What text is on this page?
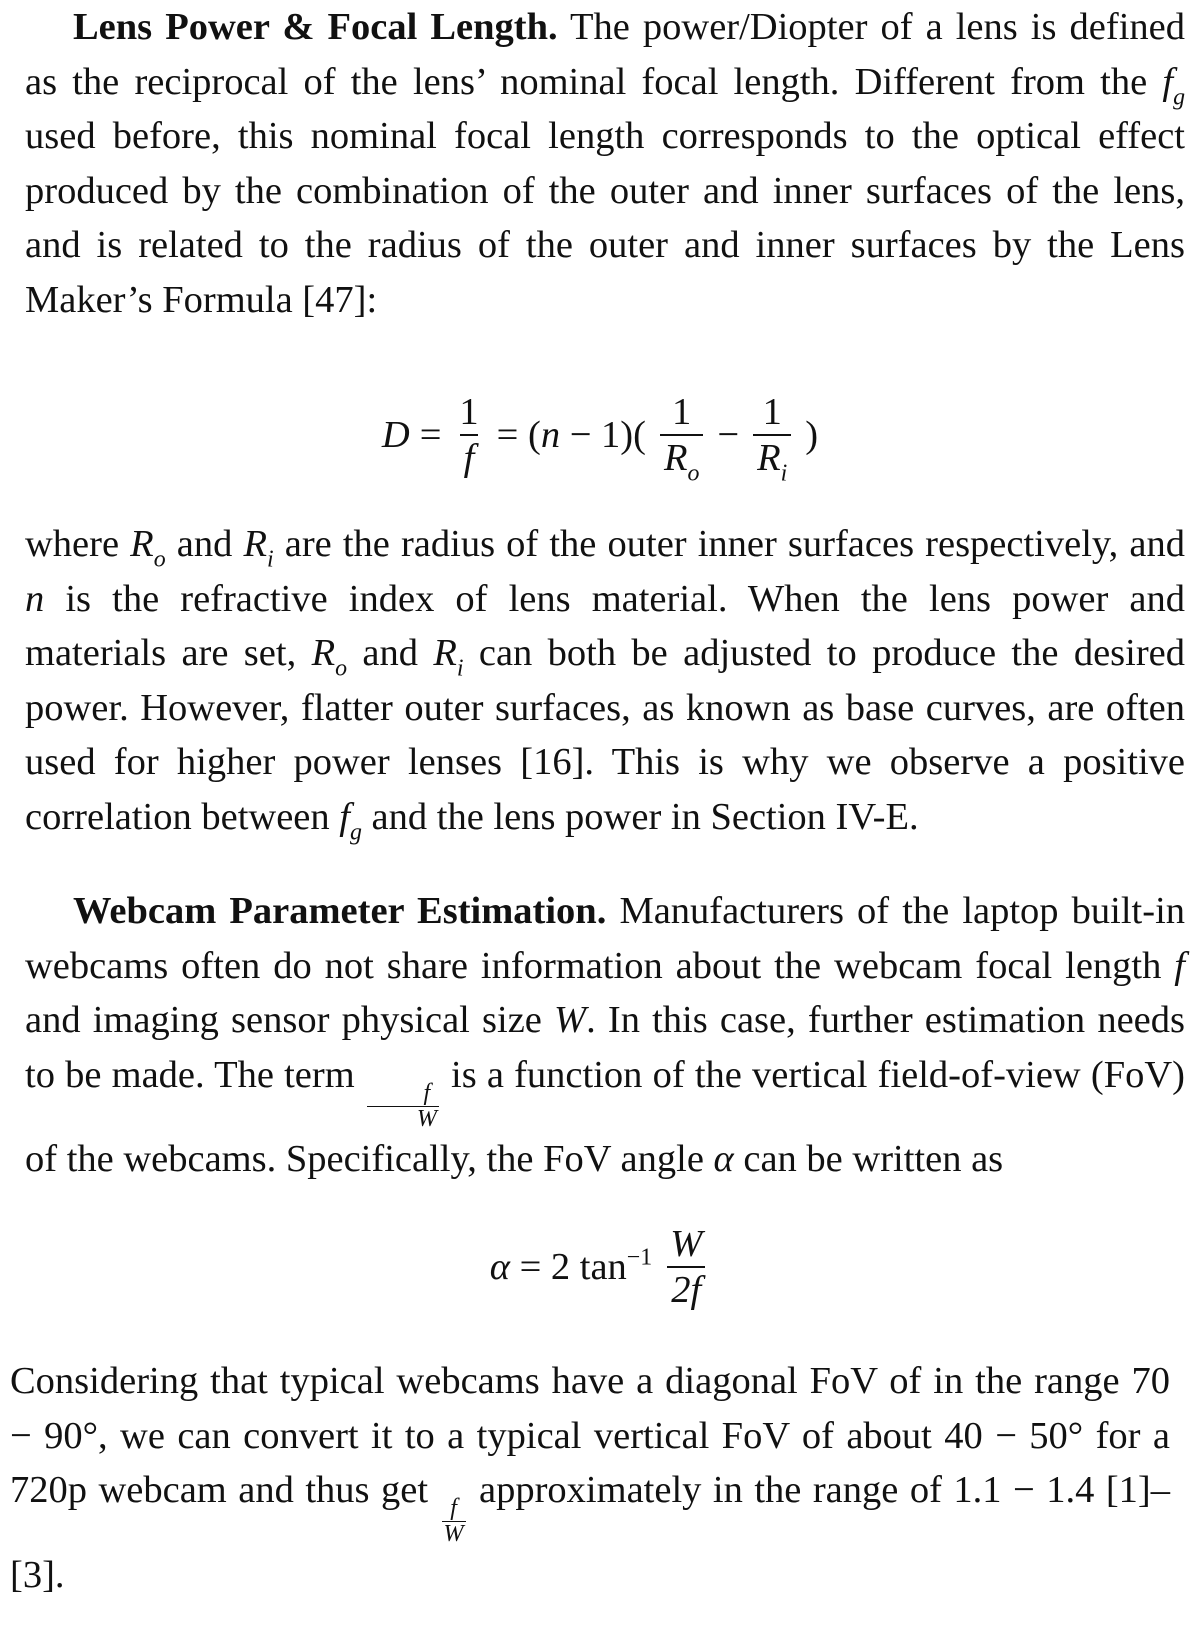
Lens Power & Focal Length. The power/Diopter of a lens is defined as the reciprocal of the lens’ nominal focal length. Different from the $f_g$ used before, this nominal focal length corresponds to the optical effect produced by the combination of the outer and inner surfaces of the lens, and is related to the radius of the outer and inner surfaces by the Lens Maker’s Formula [47]:

$D = \frac{1}{f} = (n - 1)( \frac{1}{R_o} - \frac{1}{R_i}$ )

where $R_o$ and $R_i$ are the radius of the outer inner surfaces respectively, and n is the refractive index of lens material. When the lens power and materials are set, $R_o$ and $R_i$ can both be adjusted to produce the desired power. However, flatter outer surfaces, as known as base curves, are often used for higher power lenses [16]. This is why we observe a positive correlation between $f_g$ and the lens power in Section IV-E.

Webcam Parameter Estimation. Manufacturers of the laptop built-in webcams often do not share information about the webcam focal length f and imaging sensor physical size W. In this case, further estimation needs to be made. The term
$\frac{f}{W}$
is a function of the vertical field-of-view (FoV) of the webcams. Specifically, the FoV angle α can be written as

α = 2 $\tan^{-1} \frac{W}{2f}$

Considering that typical webcams have a diagonal FoV of in the range 70 − 90°, we can convert it to a typical vertical FoV of about 40 − 50° for a 720p webcam and thus get
$\frac{f}{W}$
approximately in the range of 1.1 − 1.4 [1]–[3].
